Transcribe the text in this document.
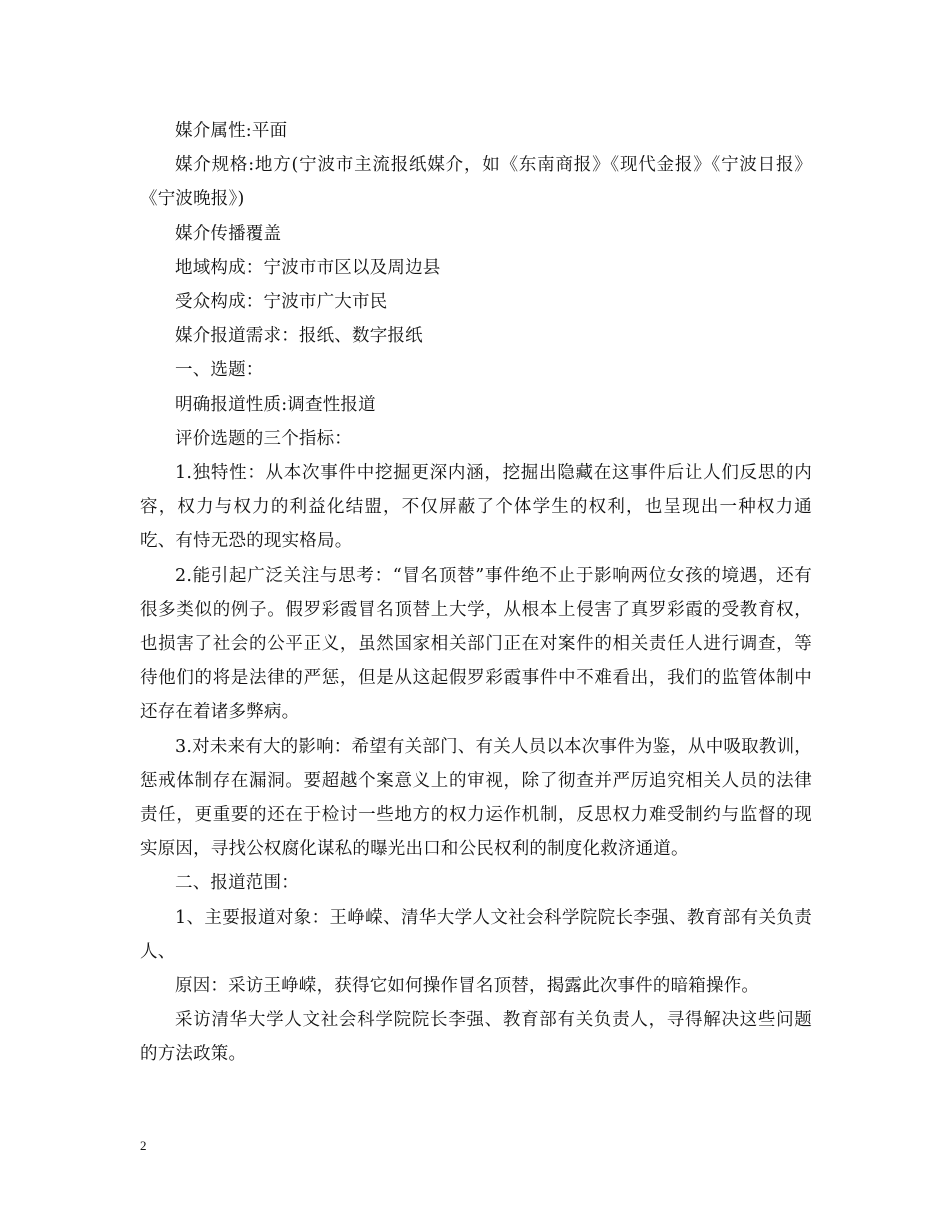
媒介属性:平面

媒介规格:地方(宁波市主流报纸媒介，如《东南商报》《现代金报》《宁波日报》《宁波晚报》)

媒介传播覆盖

地域构成：宁波市市区以及周边县

受众构成：宁波市广大市民

媒介报道需求：报纸、数字报纸

一、选题：

明确报道性质:调查性报道

评价选题的三个指标：

1.独特性：从本次事件中挖掘更深内涵，挖掘出隐藏在这事件后让人们反思的内容，权力与权力的利益化结盟，不仅屏蔽了个体学生的权利，也呈现出一种权力通吃、有恃无恐的现实格局。

2.能引起广泛关注与思考：“冒名顶替”事件绝不止于影响两位女孩的境遇，还有很多类似的例子。假罗彩霞冒名顶替上大学，从根本上侵害了真罗彩霞的受教育权，也损害了社会的公平正义，虽然国家相关部门正在对案件的相关责任人进行调查，等待他们的将是法律的严惩，但是从这起假罗彩霞事件中不难看出，我们的监管体制中还存在着诸多弊病。

3.对未来有大的影响：希望有关部门、有关人员以本次事件为鉴，从中吸取教训，惩戒体制存在漏洞。要超越个案意义上的审视，除了彻查并严厉追究相关人员的法律责任，更重要的还在于检讨一些地方的权力运作机制，反思权力难受制约与监督的现实原因，寻找公权腐化谋私的曝光出口和公民权利的制度化救济通道。

二、报道范围：

1、主要报道对象：王峥嵘、清华大学人文社会科学院院长李强、教育部有关负责人、

原因：采访王峥嵘，获得它如何操作冒名顶替，揭露此次事件的暗箱操作。

采访清华大学人文社会科学院院长李强、教育部有关负责人，寻得解决这些问题的方法政策。

2
